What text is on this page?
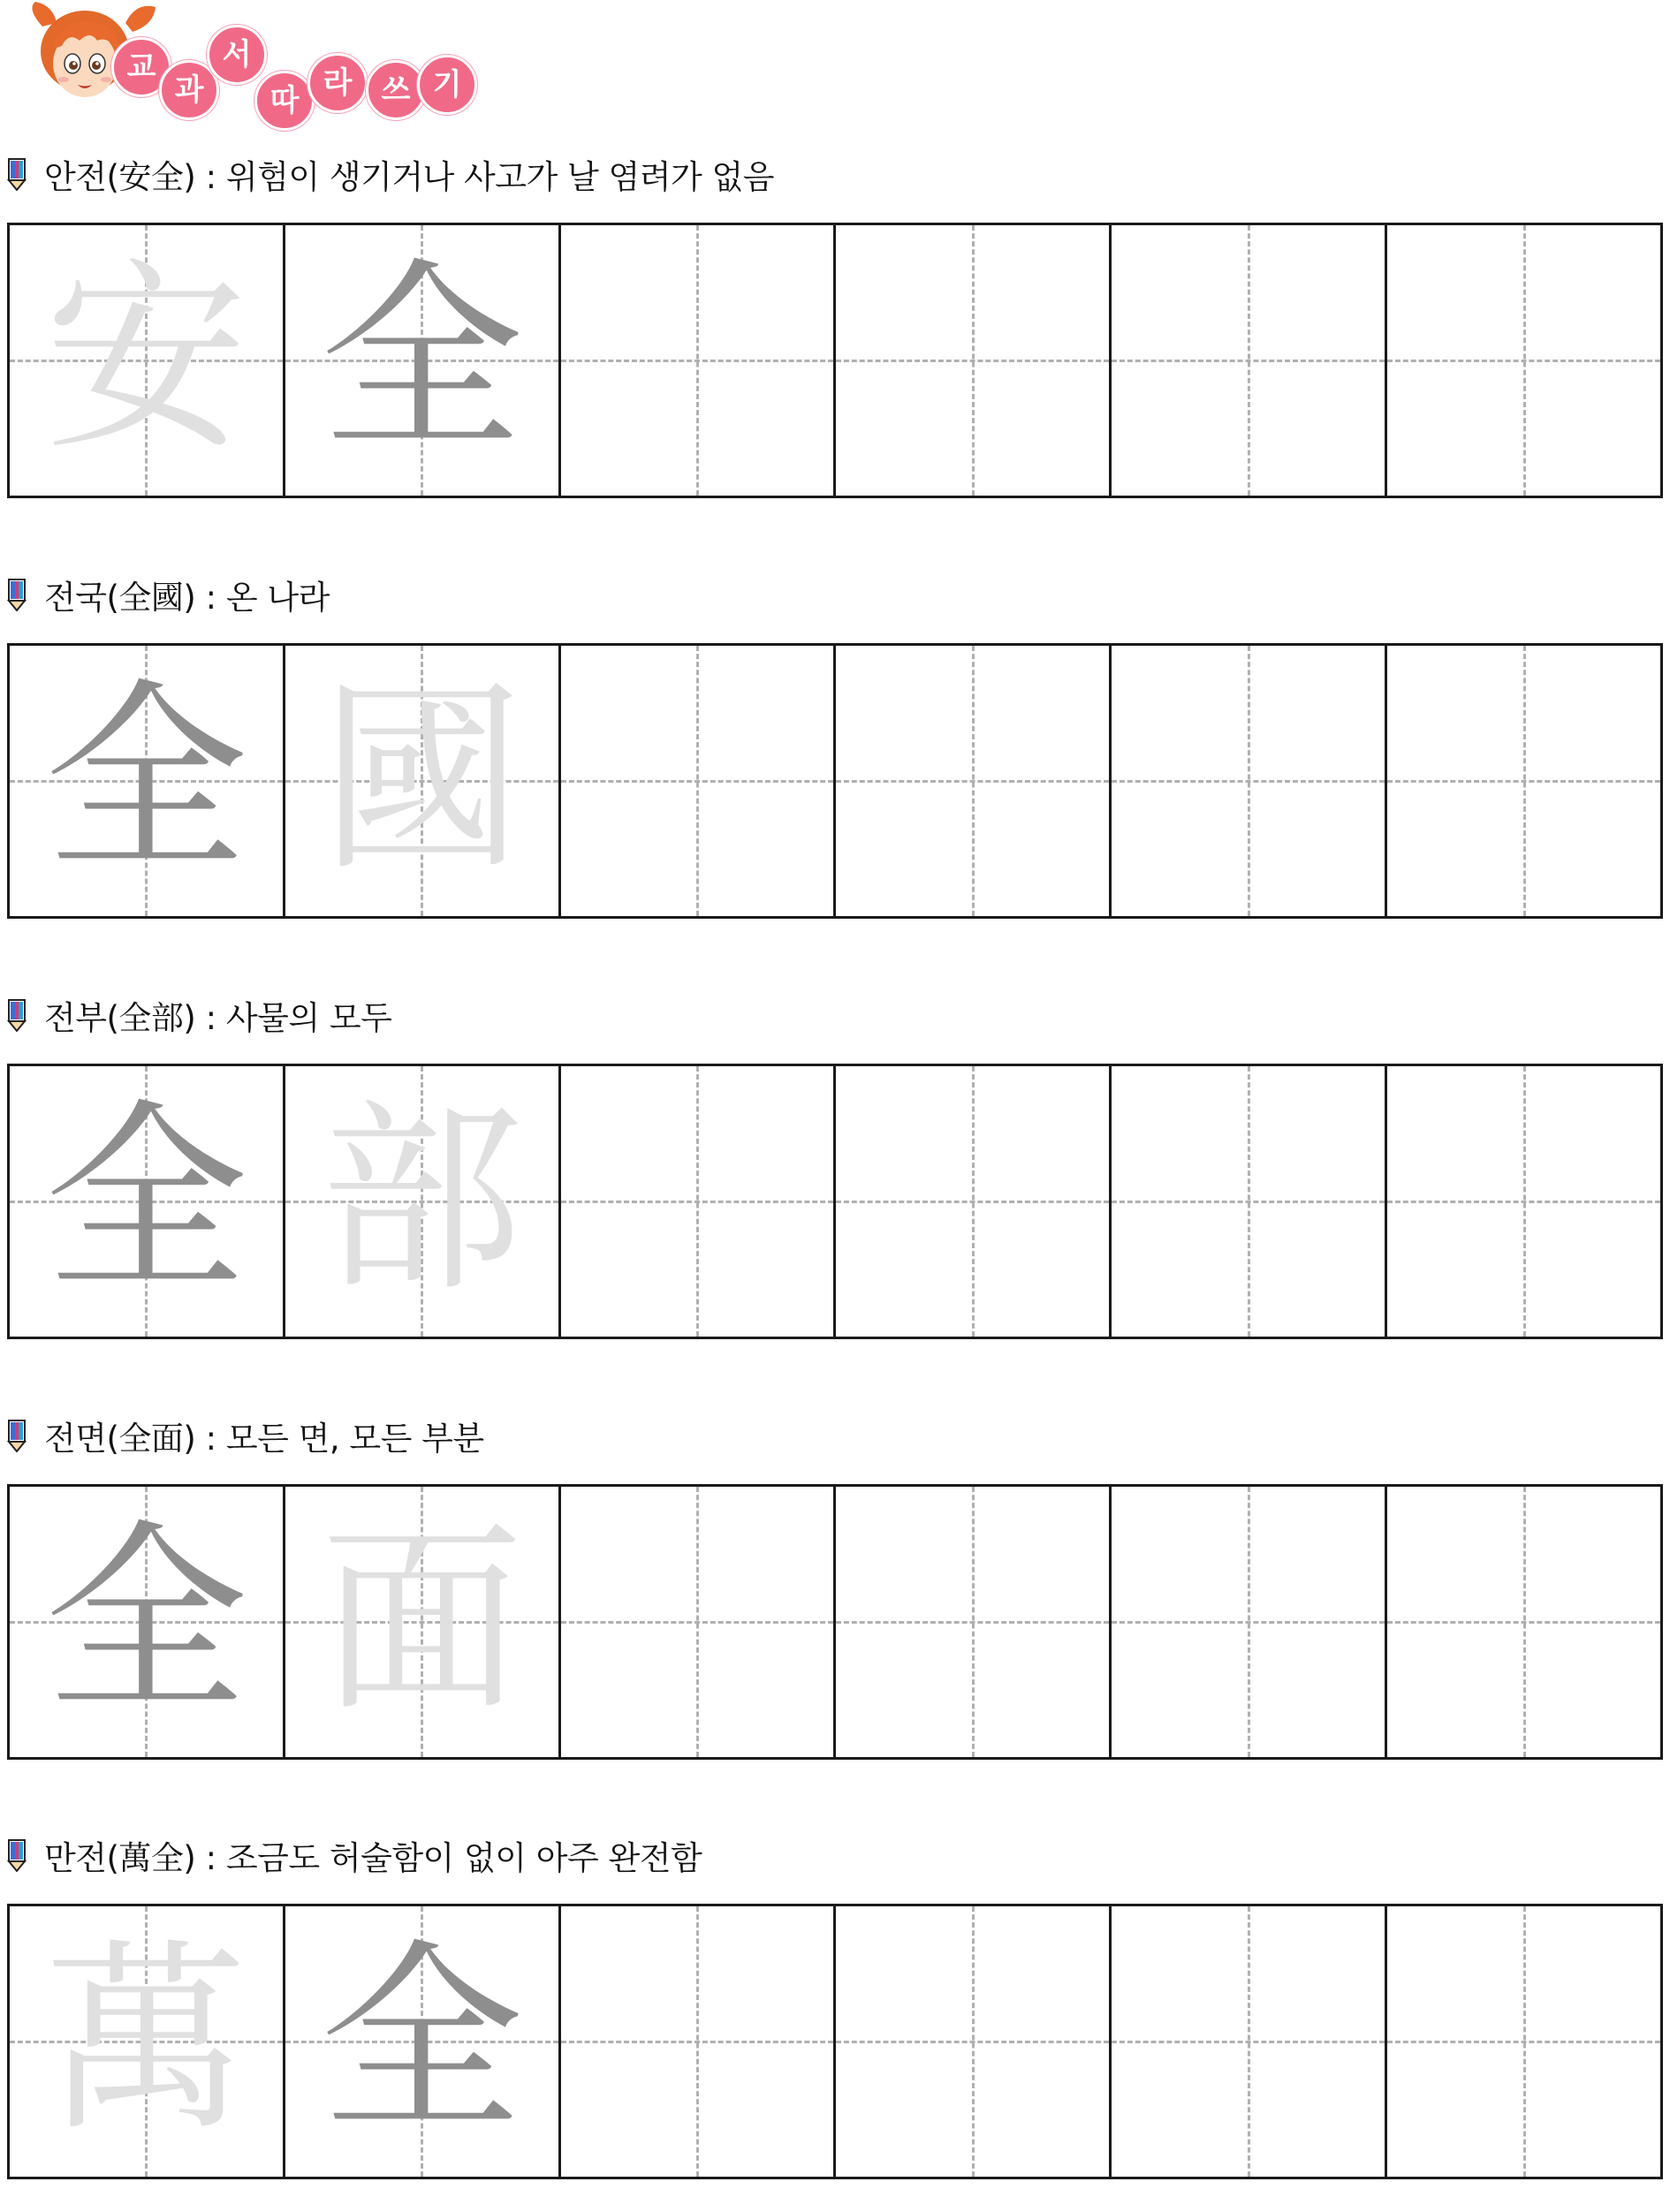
교
과
서
따 라 쓰 기
안전(安全) : 위험이 생기거나 사고가 날 염려가 없음
安 全
전국(全國) : 온 나라
全 國
전부(全部) : 사물의 모두
全 部
전면(全面) : 모든 면, 모든 부분
全 面
만전(萬全) : 조금도 허술함이 없이 아주 완전함
萬 全
